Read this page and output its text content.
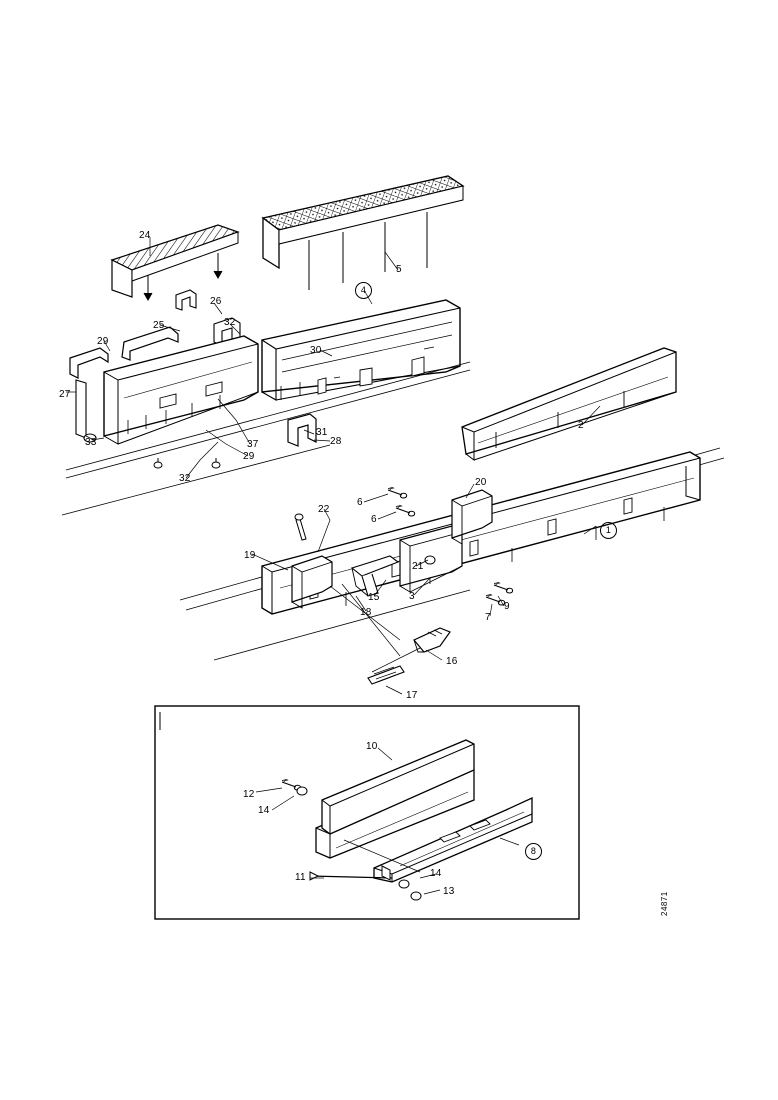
24
5
4
26
25
29
32
30
27
2
31
28
37
33
29
32	20
6
6
22
1
19
21
15	3
9
7
18
16
17
10
12
14
8
11	14
13	24871
